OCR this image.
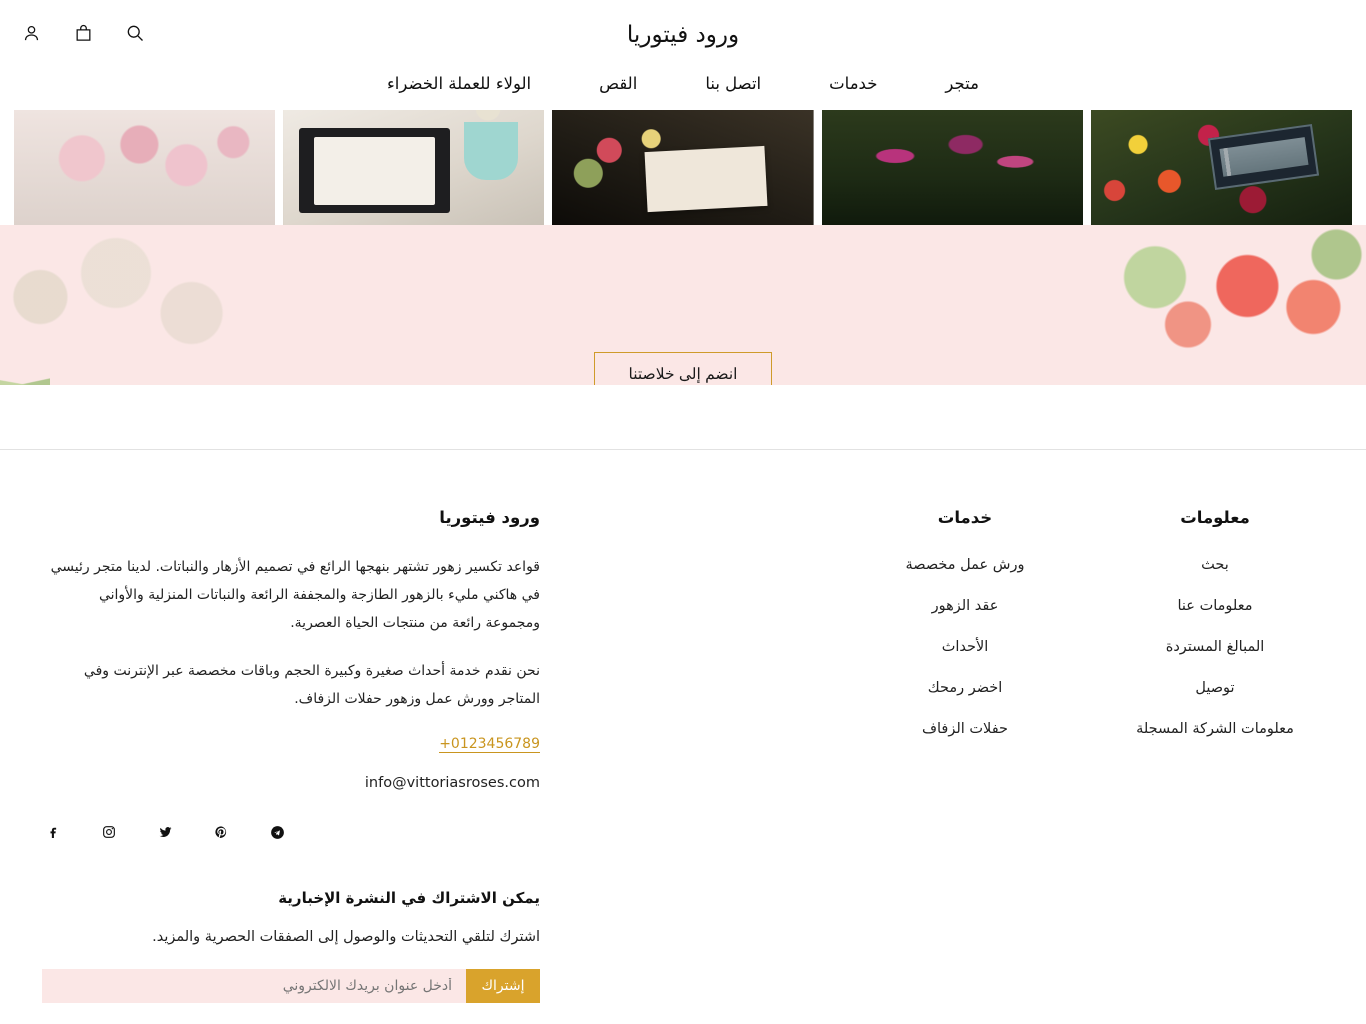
ورود فيتوريا
متجر
خدمات
اتصل بنا
القص
الولاء للعملة الخضراء
انضم إلى خلاصتنا
معلومات
بحث
معلومات عنا
المبالغ المستردة
توصيل
معلومات الشركة المسجلة
خدمات
ورش عمل مخصصة
عقد الزهور
الأحداث
اخضر رمحك
حفلات الزفاف
ورود فيتوريا

قواعد تكسير زهور تشتهر بنهجها الرائع في تصميم الأزهار والنباتات. لدينا متجر رئيسي في هاكني مليء بالزهور الطازجة والمجففة الرائعة والنباتات المنزلية والأواني ومجموعة رائعة من منتجات الحياة العصرية.

نحن نقدم خدمة أحداث صغيرة وكبيرة الحجم وباقات مخصصة عبر الإنترنت وفي المتاجر وورش عمل وزهور حفلات الزفاف.

+0123456789
info@vittoriasroses.com
يمكن الاشتراك في النشرة الإخبارية
اشترك لتلقي التحديثات والوصول إلى الصفقات الحصرية والمزيد.
أدخل عنوان بريدك الالكتروني
إشتراك
